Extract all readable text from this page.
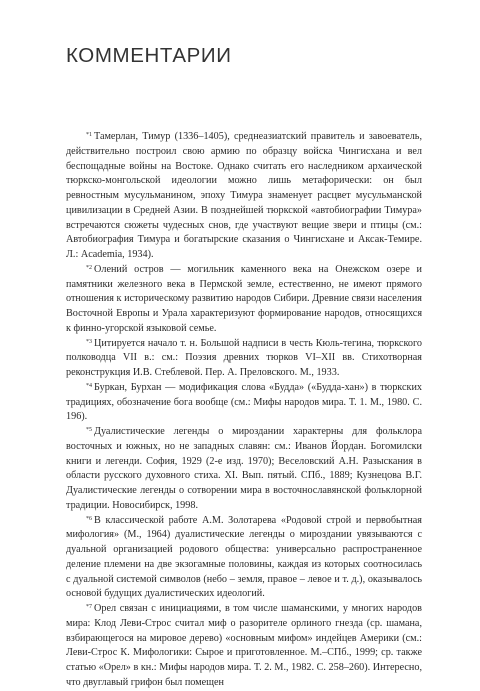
КОММЕНТАРИИ

$^{*1}$ Тамерлан, Тимур (1336–1405), среднеазиатский правитель и завоеватель, действительно построил свою армию по образцу войска Чингисхана и вел беспощадные войны на Востоке. Однако считать его наследником архаической тюркско-монгольской идеологии можно лишь метафорически: он был ревностным мусульманином, эпоху Тимура знаменует расцвет мусульманской цивилизации в Средней Азии. В позднейшей тюркской «автобиографии Тимура» встречаются сюжеты чудесных снов, где участвуют вещие звери и птицы (см.: Автобиография Тимура и богатырские сказания о Чингисхане и Аксак-Темире. Л.: Academia, 1934).

$^{*2}$ Олений остров — могильник каменного века на Онежском озере и памятники железного века в Пермской земле, естественно, не имеют прямого отношения к историческому развитию народов Сибири. Древние связи населения Восточной Европы и Урала характеризуют формирование народов, относящихся к финно-угорской языковой семье.

$^{*3}$ Цитируется начало т. н. Большой надписи в честь Кюль-тегина, тюркского полководца VII в.: см.: Поэзия древних тюрков VI–XII вв. Стихотворная реконструкция И.В. Стеблевой. Пер. А. Преловского. М., 1933.

$^{*4}$ Буркан, Бурхан — модификация слова «Будда» («Будда-хан») в тюркских традициях, обозначение бога вообще (см.: Мифы народов мира. Т. 1. М., 1980. С. 196).

$^{*5}$ Дуалистические легенды о мироздании характерны для фольклора восточных и южных, но не западных славян: см.: Иванов Йордан. Богомилски книги и легенди. София, 1929 (2-е изд. 1970); Веселовский А.Н. Разыскания в области русского духовного стиха. XI. Вып. пятый. СПб., 1889; Кузнецова В.Г. Дуалистические легенды о сотворении мира в восточнославянской фольклорной традиции. Новосибирск, 1998.

$^{*6}$ В классической работе А.М. Золотарева «Родовой строй и первобытная мифология» (М., 1964) дуалистические легенды о мироздании увязываются с дуальной организацией родового общества: универсально распространенное деление племени на две экзогамные половины, каждая из которых соотносилась с дуальной системой символов (небо – земля, правое – левое и т. д.), оказывалось основой будущих дуалистических идеологий.

$^{*7}$ Орел связан с инициациями, в том числе шаманскими, у многих народов мира: Клод Леви-Строс считал миф о разорителе орлиного гнезда (ср. шамана, взбирающегося на мировое дерево) «основным мифом» индейцев Америки (см.: Леви-Строс К. Мифологики: Сырое и приготовленное. М.–СПб., 1999; ср. также статью «Орел» в кн.: Мифы народов мира. Т. 2. М., 1982. С. 258–260). Интересно, что двуглавый грифон был помещен
